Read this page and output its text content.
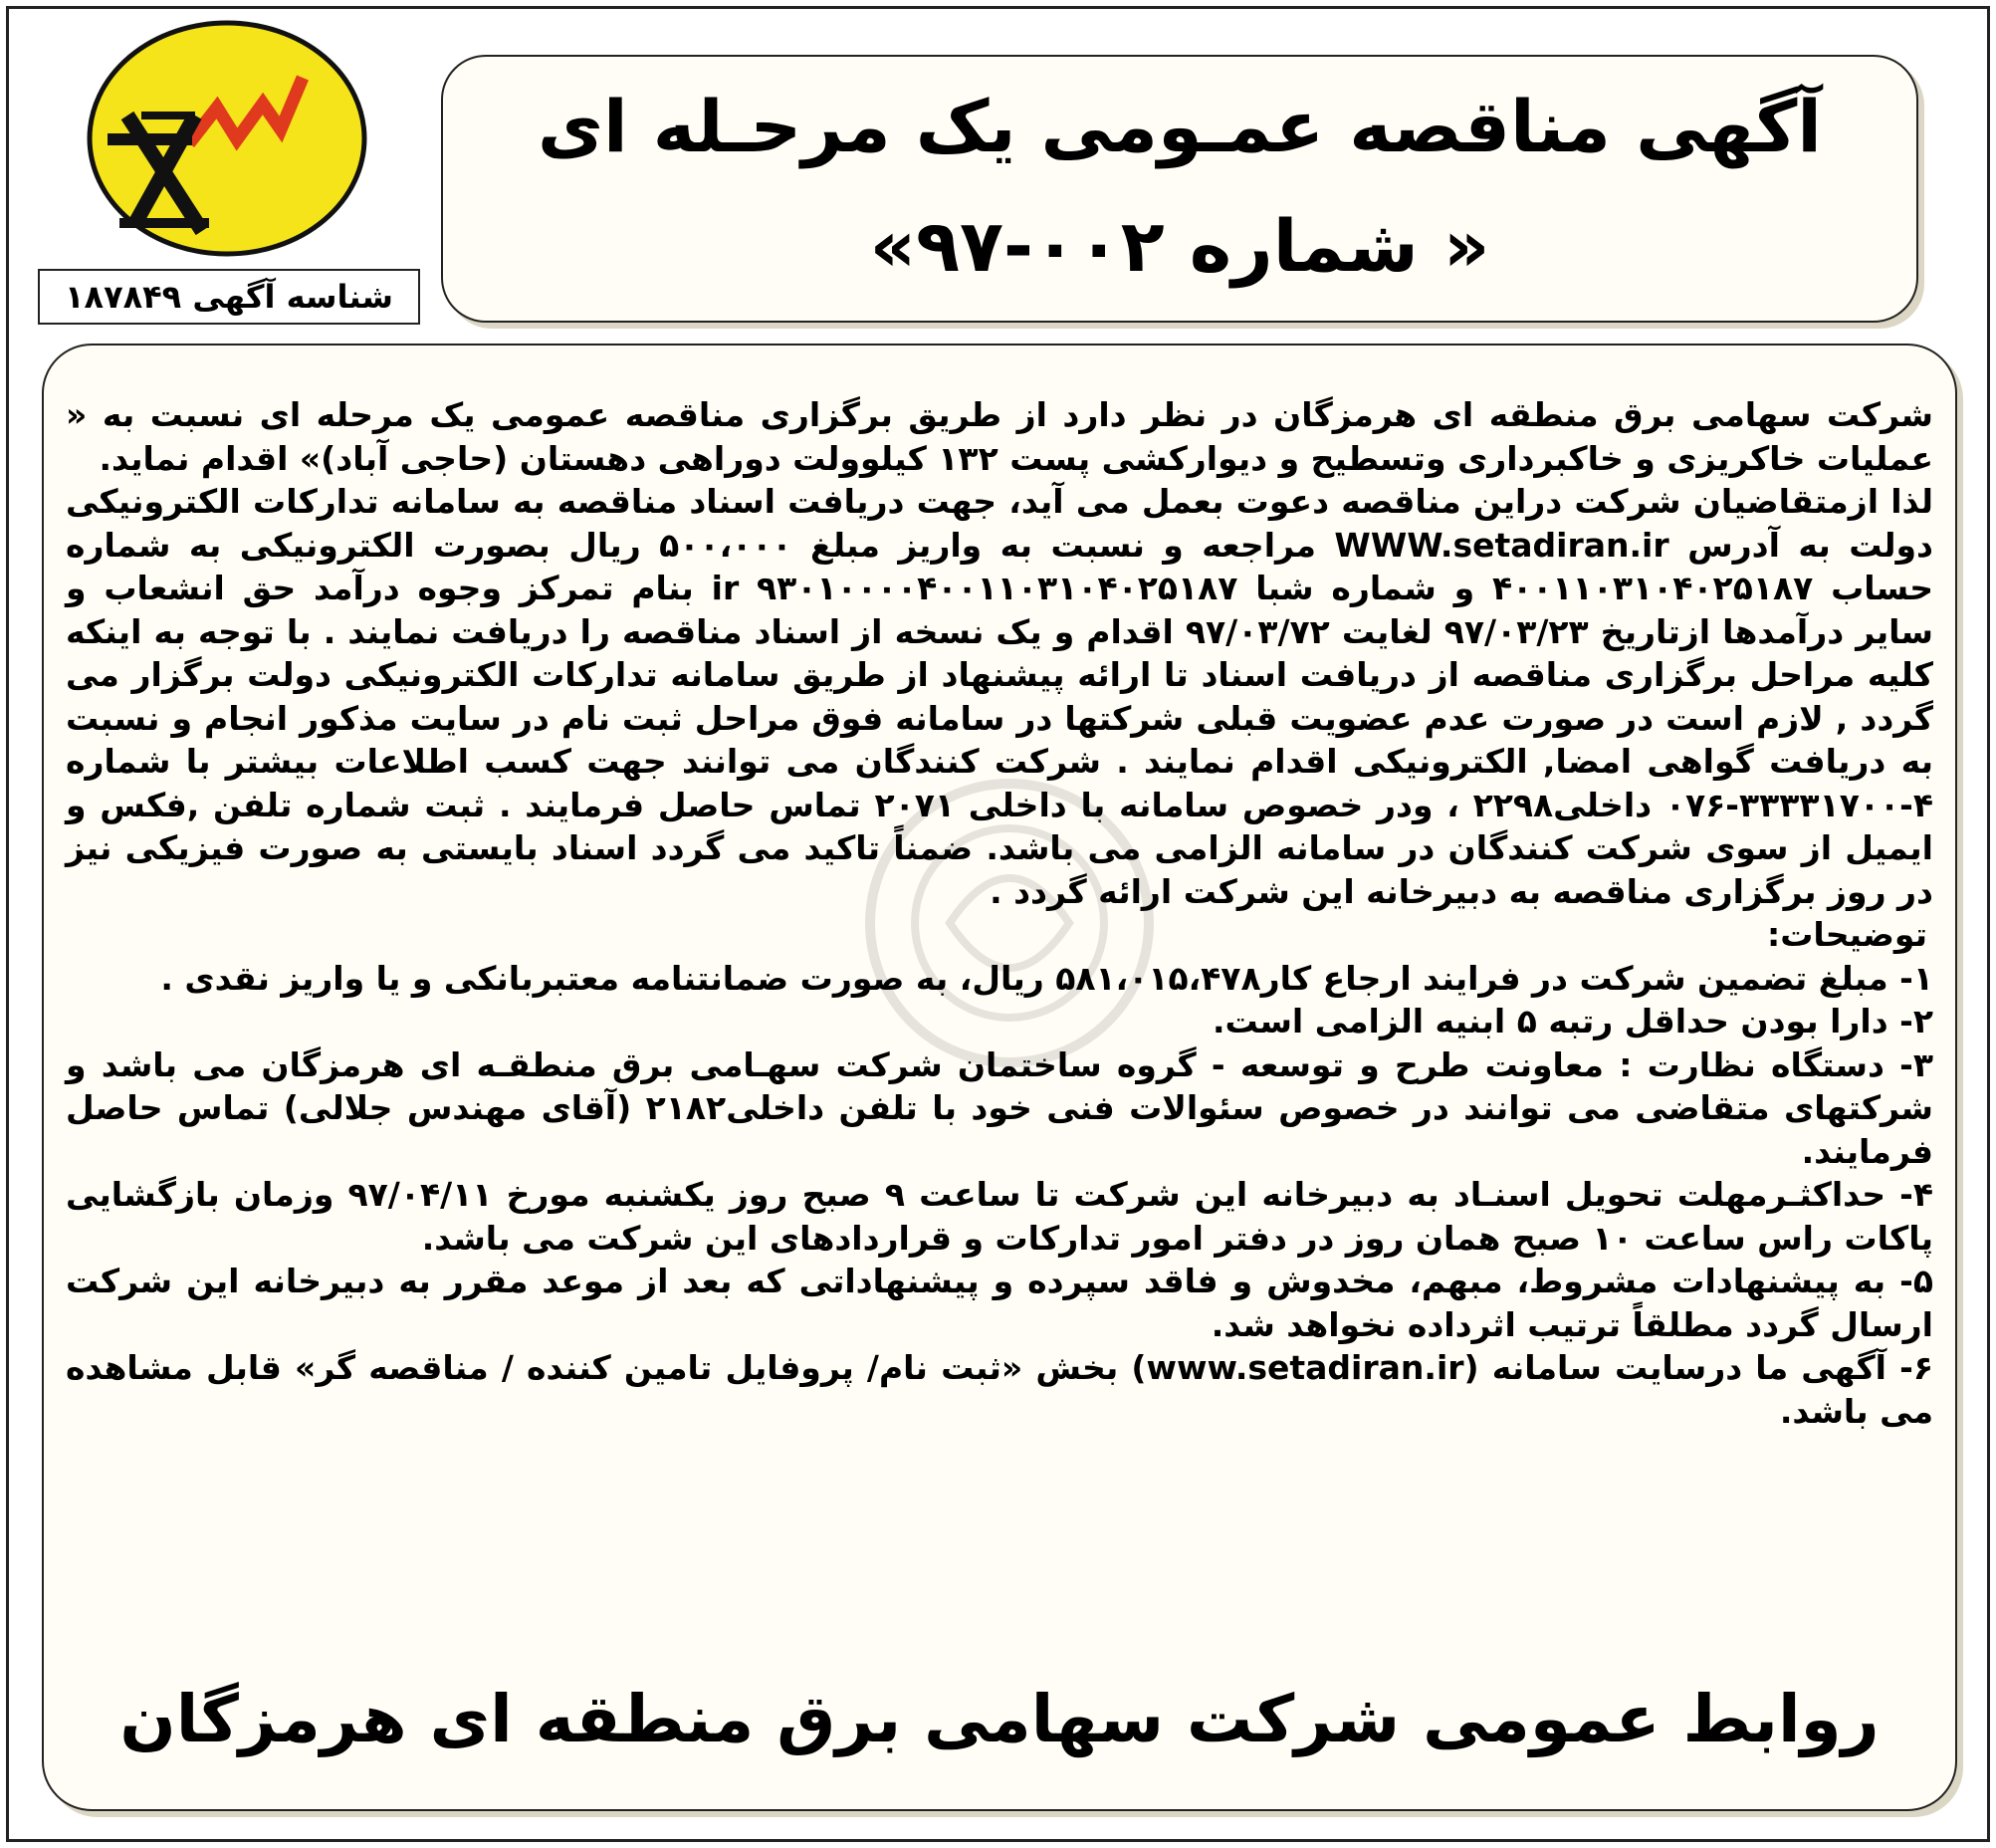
شناسه آگهی ۱۸۷۸۴۹
آگهی مناقصه عمـومی یک مرحـله ای
« شماره ۰۰۲-۹۷»

شرکت سهامی برق منطقه ای هرمزگان در نظر دارد از طریق برگزاری مناقصه عمومی یک مرحله ای نسبت به « عملیات خاکریزی و خاکبرداری وتسطیح و دیوارکشی پست ۱۳۲ کیلوولت دوراهی دهستان (حاجی آباد)» اقدام نماید.

لذا ازمتقاضیان شرکت دراین مناقصه دعوت بعمل می آید، جهت دریافت اسناد مناقصه به سامانه تدارکات الکترونیکی دولت به آدرس WWW.setadiran.ir مراجعه و نسبت به واریز مبلغ ۵۰۰،۰۰۰ ریال بصورت الکترونیکی به شماره حساب ۴۰۰۱۱۰۳۱۰۴۰۲۵۱۸۷ و شماره شبا ir ۹۳۰۱۰۰۰۰۴۰۰۱۱۰۳۱۰۴۰۲۵۱۸۷ بنام تمرکز وجوه درآمد حق انشعاب و سایر درآمدها ازتاریخ ۹۷/۰۳/۲۳ لغایت ۹۷/۰۳/۷۲ اقدام و یک نسخه از اسناد مناقصه را دریافت نمایند . با توجه به اینکه کلیه مراحل برگزاری مناقصه از دریافت اسناد تا ارائه پیشنهاد از طریق سامانه تدارکات الکترونیکی دولت برگزار می گردد , لازم است در صورت عدم عضویت قبلی شرکتها در سامانه فوق مراحل ثبت نام در سایت مذکور انجام و نسبت به دریافت گواهی امضا, الکترونیکی اقدام نمایند . شرکت کنندگان می توانند جهت کسب اطلاعات بیشتر با شماره ۴-۳۳۳۳۱۷۰۰-۰۷۶ داخلی۲۲۹۸ ، ودر خصوص سامانه با داخلی ۲۰۷۱ تماس حاصل فرمایند . ثبت شماره تلفن ,فکس و ایمیل از سوی شرکت کنندگان در سامانه الزامی می باشد. ضمناً تاکید می گردد اسناد بایستی به صورت فیزیکی نیز در روز برگزاری مناقصه به دبیرخانه این شرکت ارائه گردد .

توضیحات:

۱- مبلغ تضمین شرکت در فرایند ارجاع کار۵۸۱،۰۱۵،۴۷۸ ریال، به صورت ضمانتنامه معتبربانکی و یا واریز نقدی .

۲- دارا بودن حداقل رتبه ۵ ابنیه الزامی است.

۳- دستگاه نظارت : معاونت طرح و توسعه - گروه ساختمان شرکت سهـامی برق منطقـه ای هرمزگان می باشد و شرکتهای متقاضی می توانند در خصوص سئوالات فنی خود با تلفن داخلی۲۱۸۲ (آقای مهندس جلالی) تماس حاصل فرمایند.

۴- حداکثـرمهلت تحویل اسنـاد به دبیرخانه این شرکت تا ساعت ۹ صبح روز یکشنبه مورخ ۹۷/۰۴/۱۱ وزمان بازگشایی پاکات راس ساعت ۱۰ صبح همان روز در دفتر امور تدارکات و قراردادهای این شرکت می باشد.

۵- به پیشنهادات مشروط، مبهم، مخدوش و فاقد سپرده و پیشنهاداتی که بعد از موعد مقرر به دبیرخانه این شرکت ارسال گردد مطلقاً ترتیب اثرداده نخواهد شد.

۶- آگهی ما درسایت سامانه (www.setadiran.ir) بخش «ثبت نام/ پروفایل تامین کننده / مناقصه گر» قابل مشاهده می باشد.

روابط عمومی شرکت سهامی برق منطقه ای هرمزگان
